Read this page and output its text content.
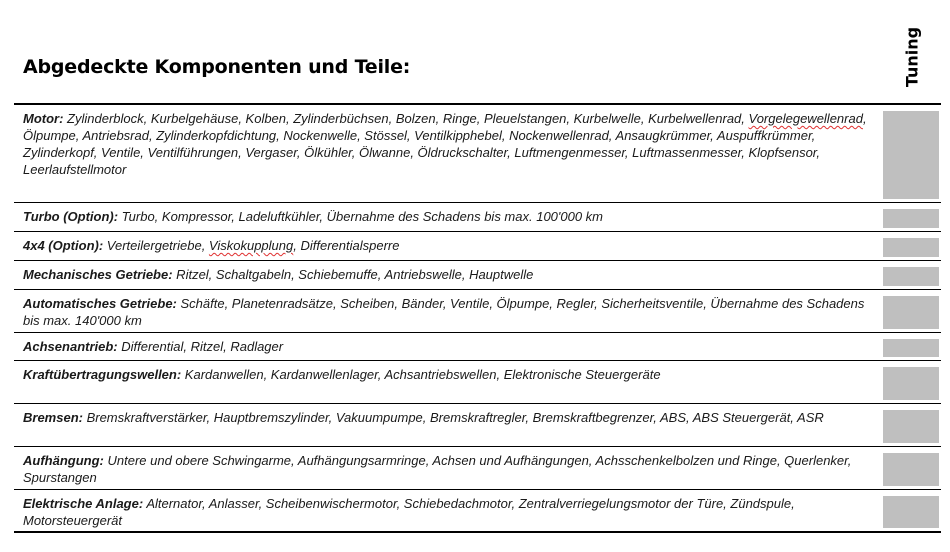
Abgedeckte Komponenten und Teile:	Tuning
Motor: Zylinderblock, Kurbelgehäuse, Kolben, Zylinderbüchsen, Bolzen, Ringe, Pleuelstangen, Kurbelwelle, Kurbelwellenrad, Vorgelegewellenrad, Ölpumpe, Antriebsrad, Zylinderkopfdichtung, Nockenwelle, Stössel, Ventilkipphebel, Nockenwellenrad, Ansaugkrümmer, Auspuffkrümmer, Zylinderkopf, Ventile, Ventilführungen, Vergaser, Ölkühler, Ölwanne, Öldruckschalter, Luftmengenmesser, Luftmassenmesser, Klopfsensor, Leerlaufstellmotor
Turbo (Option): Turbo, Kompressor, Ladeluftkühler, Übernahme des Schadens bis max. 100'000 km
4x4 (Option): Verteilergetriebe, Viskokupplung, Differentialsperre
Mechanisches Getriebe: Ritzel, Schaltgabeln, Schiebemuffe, Antriebswelle, Hauptwelle
Automatisches Getriebe: Schäfte, Planetenradsätze, Scheiben, Bänder, Ventile, Ölpumpe, Regler, Sicherheitsventile, Übernahme des Schadens bis max. 140'000 km
Achsenantrieb: Differential, Ritzel, Radlager
Kraftübertragungswellen: Kardanwellen, Kardanwellenlager, Achsantriebswellen, Elektronische Steuergeräte
Bremsen: Bremskraftverstärker, Hauptbremszylinder, Vakuumpumpe, Bremskraftregler, Bremskraftbegrenzer, ABS, ABS Steuergerät, ASR
Aufhängung: Untere und obere Schwingarme, Aufhängungsarmringe, Achsen und Aufhängungen, Achsschenkelbolzen und Ringe, Querlenker, Spurstangen
Elektrische Anlage: Alternator, Anlasser, Scheibenwischermotor, Schiebedachmotor, Zentralverriegelungsmotor der Türe, Zündspule, Motorsteuergerät
